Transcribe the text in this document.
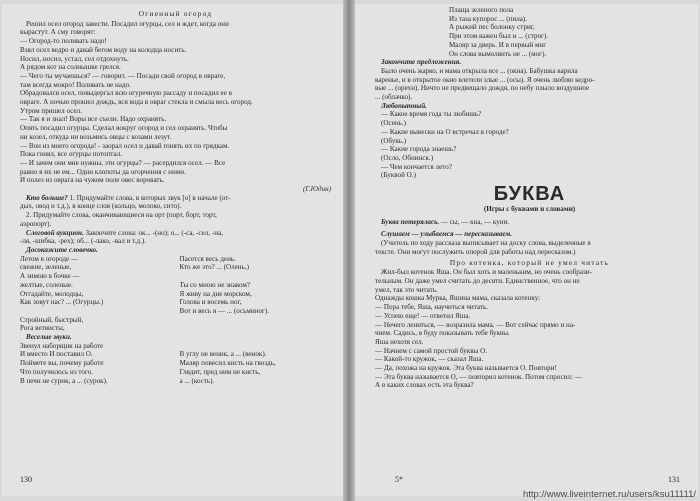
Огненный огород
Решил осел огород завести. Посадил огурцы, сел и ждет, когда они
вырастут. А сму говорят:
— Огород-то поливать надо!
Взял осел ведро и давай бегом воду на колодца носить.
Носил, носил, устал, сел отдохнуть.
А рядом кот на солнышке грелся.
— Чего ты мучаешься? — говорит. — Посади свой огород в овраге,
там всегда мокро! Поливать не надо.
Обрадовался осел, повыдергал всю огуречную рассаду и посадил ее в
овраге. А ночью прошел дождь, вся вода в овраг стекла и смыла весь огород.
Утром пришел осел.
— Так я и знал! Воры все съели. Надо охранять.
Опять посадил огурцы. Сделал вокруг огород и сел охранять. Чтобы
ни козел, откуда ни возьмись овцы с козами лезут.
— Вон из моего огорода! - заорал осел и давай гонять их по грядкам.
Пока гонял, все огурцы потоптал.
— И зачем они мне нужны, эти огурцы? — расердился осел. — Все
равно я их не ем... Одни клопоты да огорчения с ними.
И полез из оврага на чужом поле овес воровать.
(Г.Юдин)
Кто больше? 1. Придумайте слова, в которых звук [о] в начале (от-
дых, овод и т.д.), в конце слов (кольцо, молоко, сито).
2. Придумайте слова, оканчивающиеся на орт (порт, борт, торт,
аэропорт).
Слоговой аукцион. Закончите слова: ок... -(но); о... (-са, -сел, -на,
-ля, -шибка, -рех); об... (-лако, -вал и т.д.).
Досокажите словечко.
Летом в огороде —
свежие, зеленые,
А зимою в бочке —
желтые, соленые.
Отгадайте, молодцы,
Как зовут нас? ... (Огурцы.)

Стройный, быстрый,
Рога ветвисты,
Пасется весь день.
Кто же это? ... (Олень.)

Ты со мною не знаком?
Я живу на дне морском,
Голова и восемь ног,
Вот и весь я — ... (осьминог).
Веселые звуки.
Звенул наборщик на работе
И вместо И поставил О.
Поймете вы, почему работе
Что получилось из того.
В печи не сурик, а ... (сурок).

В углу не веник, а ... (венок).
Маляр повесил кисть на гвоздь,
Глядит, пред ним не кисть,
а ... (кость).
130
Плаща зеленого пола
Из таза купорос ... (пила).
А рыжий пес болонку стриг,
При этом важен был и ... (строг).
Маляр за дверь. И в первый миг
Он слова вымолвить не ... (мог).
Закончите предложения.
Было очень жарко, и мама открыла все ... (окна). Бабушка варила
варенье, и в открытое окно влетели злые ... (осы). Я очень люблю кедро-
вые ... (орехи). Ничто не предвещало дождя, по небу плыло воздушное
... (облачко).
Любопытный.
— Какое время года ты любишь?
(Осень.)
— Какие вывески на О встречал в городе?
(Обувь.)
— Какие города знаешь?
(Осло, Обнинск.)
— Чем кончается лето?
(Буквой О.)
БУКВА
(Игры с буквами и словами)
Буква потерялась. — сы, — кна, — куни.
Слушаем — улыбаемся — пересказываем.
(Учитель по ходу рассказа выписывает на доску слова, выделенные в
тексте. Они могут послужить опорой для работы над пересказом.)
Про котенка, который не умел читать
Жил-был котенок Яша. Он был хоть и маленьким, но очень сообрази-
тельным. Он даже умел считать до десяти. Единственное, что он не
умел, так это читать.
Однажды кошка Мурка, Яшина мама, сказала котенку:
— Пора тебе, Яша, научиться читать.
— Успею еще! — ответил Яша.
— Нечего лениться, — возразила мама. — Вот сейчас прямо и на-
чнем. Садись, я буду показывать тебе буквы.
Яша нехотя сел.
— Начнем с самой простой буквы О.
— Какой-то кружок, — сказал Яша.
— Да, похожа на кружок. Эта буква называется О. Повтори!
— Эта буква называется О, — повторил котенок. Потом спросил: —
А в каких словах есть эта буква?
5*	131
http://www.liveinternet.ru/users/ksu11111/
